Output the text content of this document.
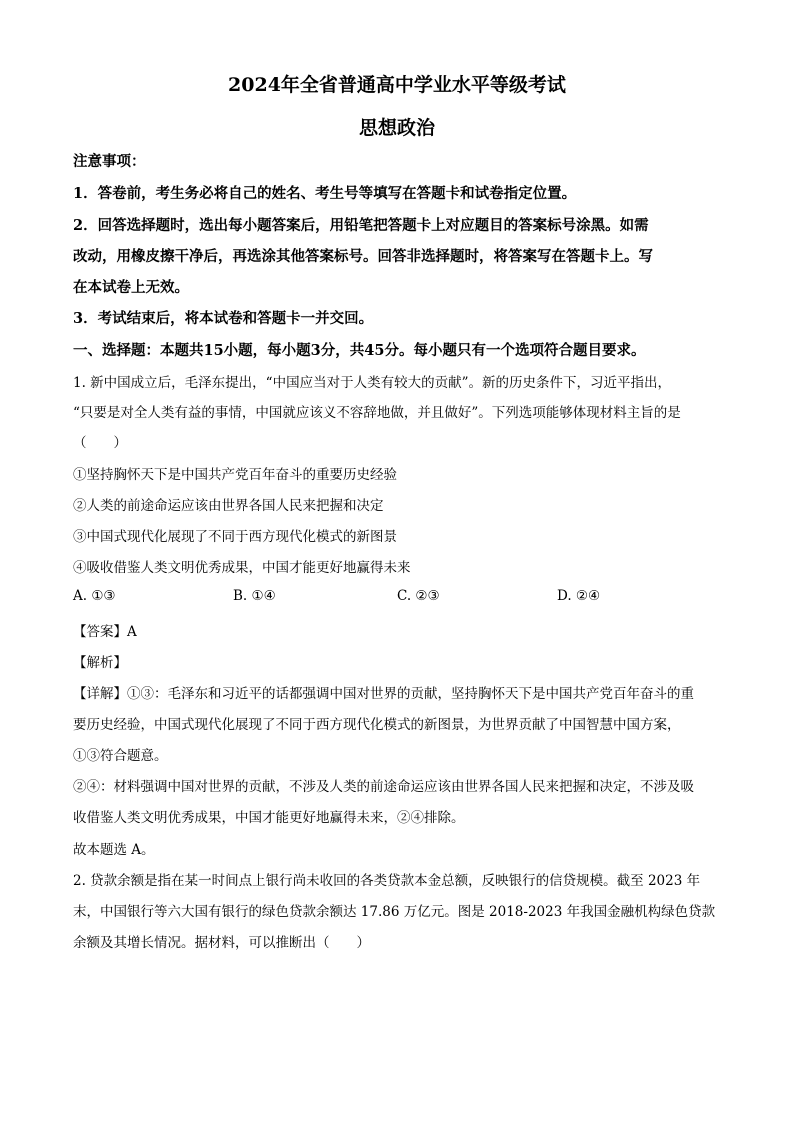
2024年全省普通高中学业水平等级考试
思想政治
注意事项：
1．答卷前，考生务必将自己的姓名、考生号等填写在答题卡和试卷指定位置。
2．回答选择题时，选出每小题答案后，用铅笔把答题卡上对应题目的答案标号涂黑。如需
改动，用橡皮擦干净后，再选涂其他答案标号。回答非选择题时，将答案写在答题卡上。写
在本试卷上无效。
3．考试结束后，将本试卷和答题卡一并交回。
一、选择题：本题共15小题，每小题3分，共45分。每小题只有一个选项符合题目要求。
1. 新中国成立后，毛泽东提出，“中国应当对于人类有较大的贡献”。新的历史条件下，习近平指出，
“只要是对全人类有益的事情，中国就应该义不容辞地做，并且做好”。下列选项能够体现材料主旨的是
（　　）
①坚持胸怀天下是中国共产党百年奋斗的重要历史经验
②人类的前途命运应该由世界各国人民来把握和决定
③中国式现代化展现了不同于西方现代化模式的新图景
④吸收借鉴人类文明优秀成果，中国才能更好地赢得未来
A. ①③	B. ①④	C. ②③	D. ②④
【答案】A
【解析】
【详解】①③：毛泽东和习近平的话都强调中国对世界的贡献，坚持胸怀天下是中国共产党百年奋斗的重
要历史经验，中国式现代化展现了不同于西方现代化模式的新图景，为世界贡献了中国智慧中国方案，
①③符合题意。
②④：材料强调中国对世界的贡献，不涉及人类的前途命运应该由世界各国人民来把握和决定，不涉及吸
收借鉴人类文明优秀成果，中国才能更好地赢得未来，②④排除。
故本题选 A。
2. 贷款余额是指在某一时间点上银行尚未收回的各类贷款本金总额，反映银行的信贷规模。截至 2023 年
末，中国银行等六大国有银行的绿色贷款余额达 17.86 万亿元。图是 2018-2023 年我国金融机构绿色贷款
余额及其增长情况。据材料，可以推断出（　　）
